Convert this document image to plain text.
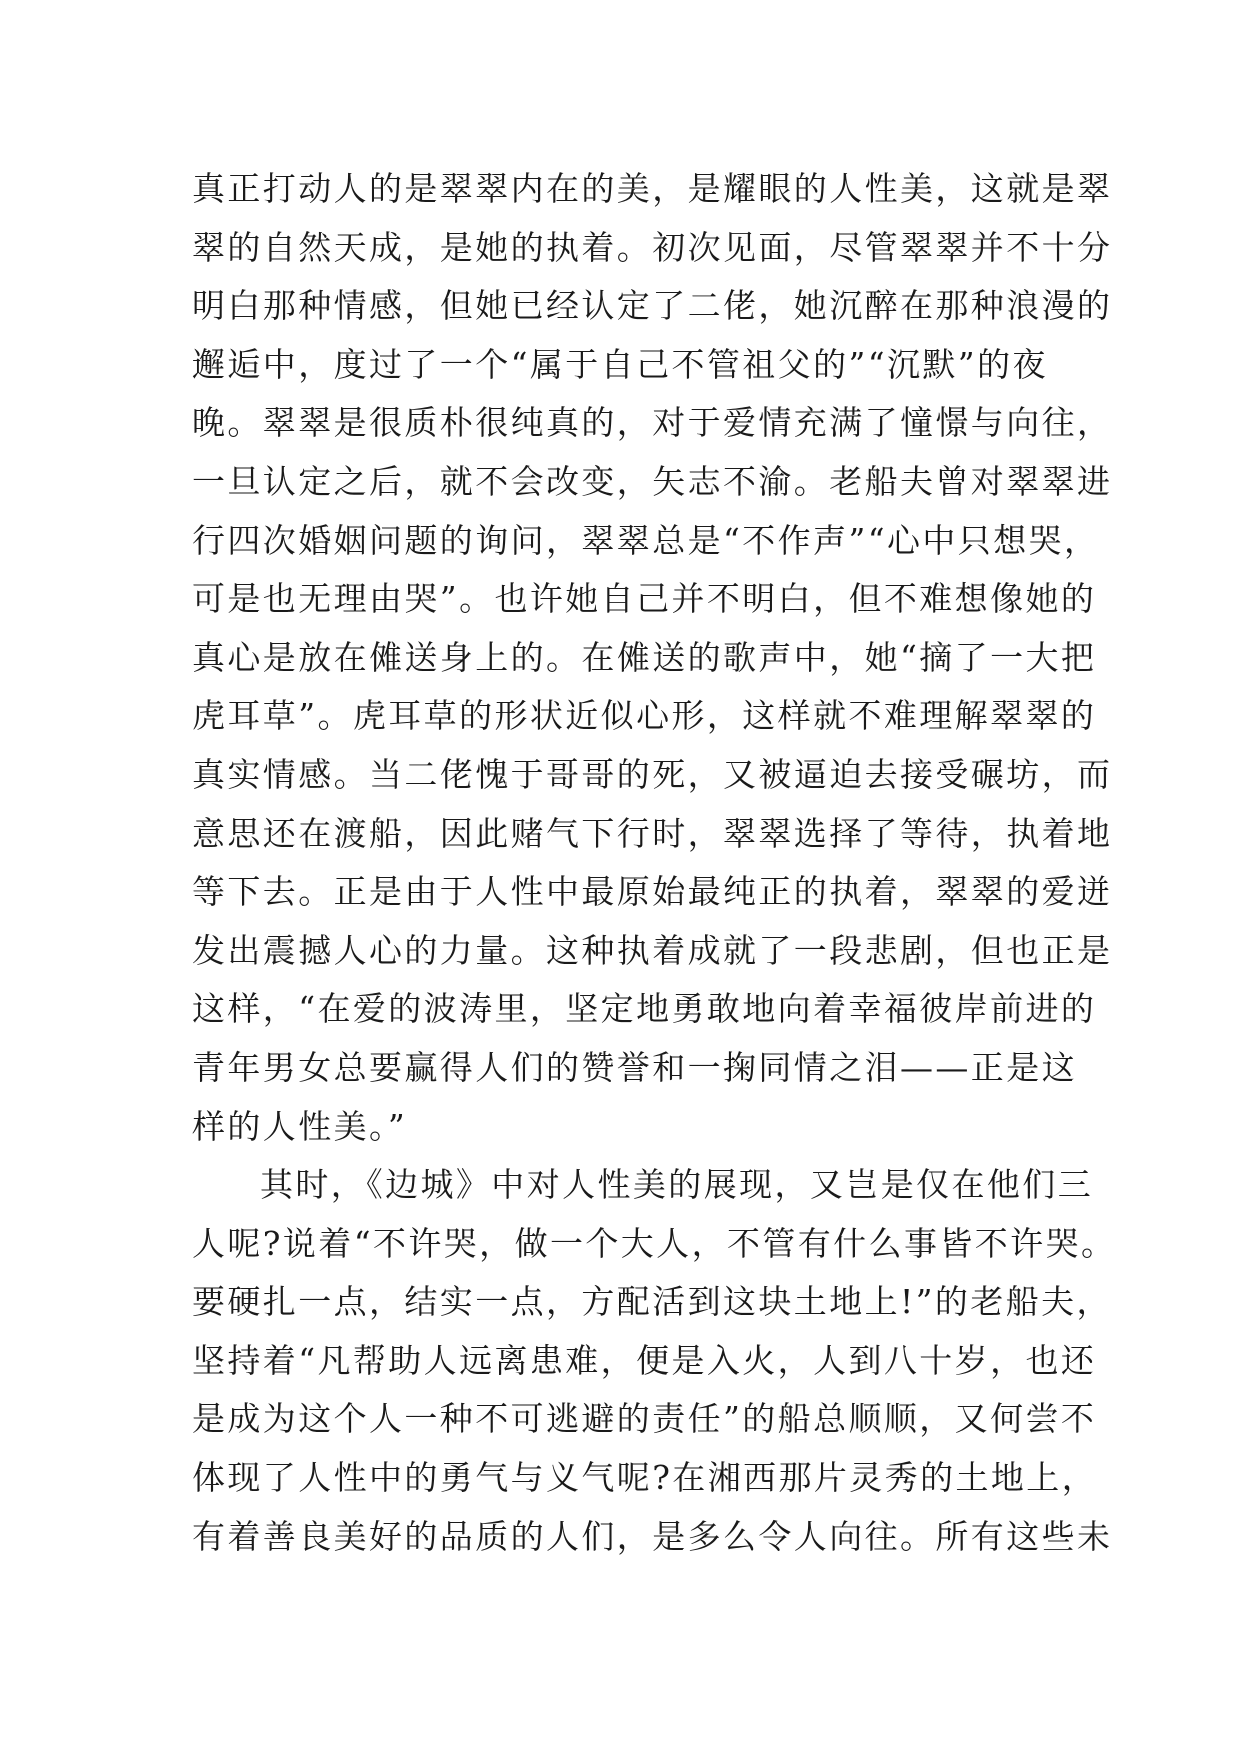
真正打动人的是翠翠内在的美，是耀眼的人性美，这就是翠
翠的自然天成，是她的执着。初次见面，尽管翠翠并不十分
明白那种情感，但她已经认定了二佬，她沉醉在那种浪漫的
邂逅中，度过了一个“属于自己不管祖父的”“沉默”的夜
晚。翠翠是很质朴很纯真的，对于爱情充满了憧憬与向往，
一旦认定之后，就不会改变，矢志不渝。老船夫曾对翠翠进
行四次婚姻问题的询问，翠翠总是“不作声”“心中只想哭，
可是也无理由哭”。也许她自己并不明白，但不难想像她的
真心是放在傩送身上的。在傩送的歌声中，她“摘了一大把
虎耳草”。虎耳草的形状近似心形，这样就不难理解翠翠的
真实情感。当二佬愧于哥哥的死，又被逼迫去接受碾坊，而
意思还在渡船，因此赌气下行时，翠翠选择了等待，执着地
等下去。正是由于人性中最原始最纯正的执着，翠翠的爱迸
发出震撼人心的力量。这种执着成就了一段悲剧，但也正是
这样，“在爱的波涛里，坚定地勇敢地向着幸福彼岸前进的
青年男女总要赢得人们的赞誉和一掬同情之泪——正是这
样的人性美。”
其时，《边城》中对人性美的展现，又岂是仅在他们三
人呢?说着“不许哭，做一个大人，不管有什么事皆不许哭。
要硬扎一点，结实一点，方配活到这块土地上!”的老船夫，
坚持着“凡帮助人远离患难，便是入火，人到八十岁，也还
是成为这个人一种不可逃避的责任”的船总顺顺，又何尝不
体现了人性中的勇气与义气呢?在湘西那片灵秀的土地上，
有着善良美好的品质的人们，是多么令人向往。所有这些未
